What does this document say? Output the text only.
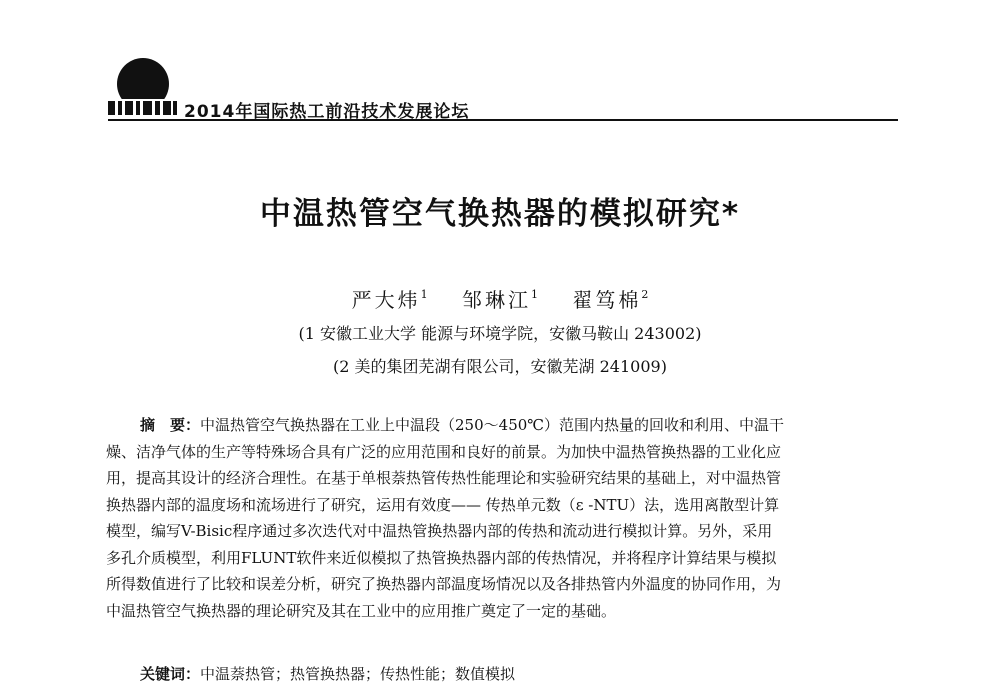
2014年国际热工前沿技术发展论坛
中温热管空气换热器的模拟研究*
严大炜$^1$ 邹琳江$^1$ 翟笃棉$^2$
(1 安徽工业大学 能源与环境学院，安徽马鞍山 243002)
(2 美的集团芜湖有限公司，安徽芜湖 241009)
摘　要：中温热管空气换热器在工业上中温段（250～450℃）范围内热量的回收和利用、中温干
燥、洁净气体的生产等特殊场合具有广泛的应用范围和良好的前景。为加快中温热管换热器的工业化应
用，提高其设计的经济合理性。在基于单根萘热管传热性能理论和实验研究结果的基础上，对中温热管
换热器内部的温度场和流场进行了研究，运用有效度—— 传热单元数（ε -NTU）法，选用离散型计算
模型，编写V-Bisic程序通过多次迭代对中温热管换热器内部的传热和流动进行模拟计算。另外，采用
多孔介质模型，利用FLUNT软件来近似模拟了热管换热器内部的传热情况，并将程序计算结果与模拟
所得数值进行了比较和误差分析，研究了换热器内部温度场情况以及各排热管内外温度的协同作用，为
中温热管空气换热器的理论研究及其在工业中的应用推广奠定了一定的基础。
关键词：中温萘热管；热管换热器；传热性能；数值模拟
